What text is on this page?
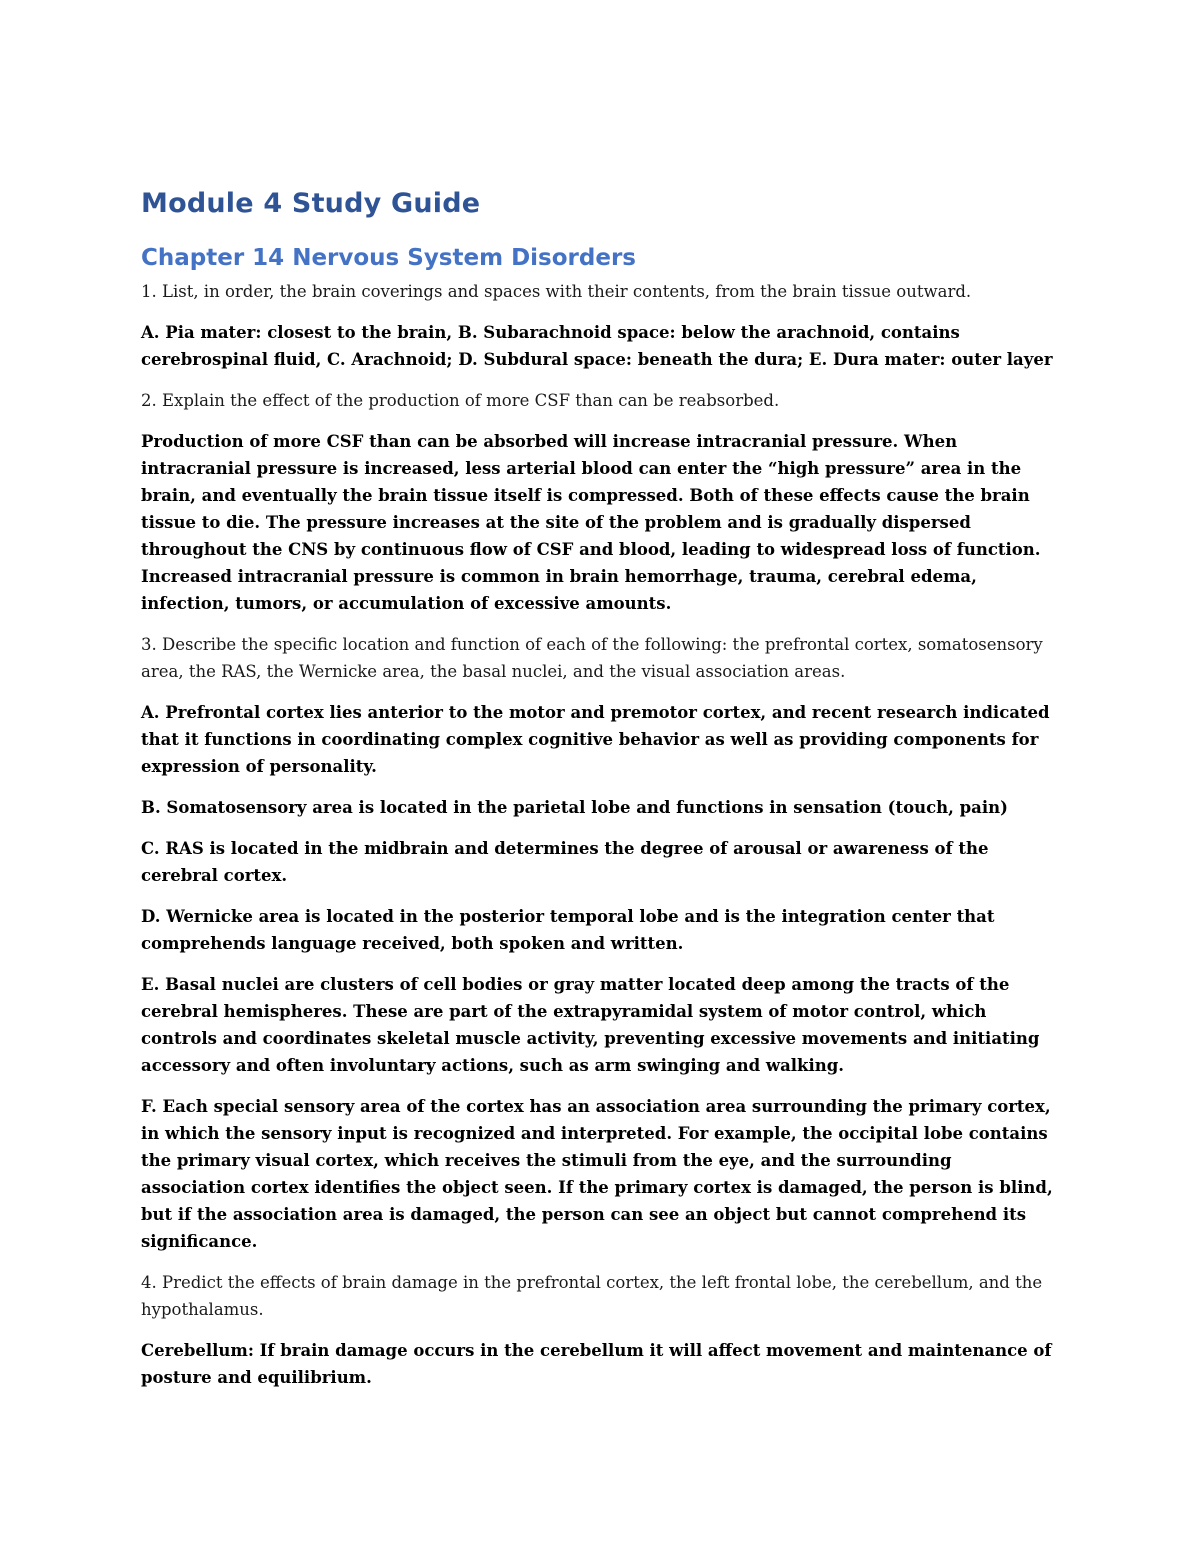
Module 4 Study Guide
Chapter 14 Nervous System Disorders

1. List, in order, the brain coverings and spaces with their contents, from the brain tissue outward.

A. Pia mater: closest to the brain, B. Subarachnoid space: below the arachnoid, contains cerebrospinal fluid, C. Arachnoid; D. Subdural space: beneath the dura; E. Dura mater: outer layer

2. Explain the effect of the production of more CSF than can be reabsorbed.

Production of more CSF than can be absorbed will increase intracranial pressure. When intracranial pressure is increased, less arterial blood can enter the “high pressure” area in the brain, and eventually the brain tissue itself is compressed. Both of these effects cause the brain tissue to die. The pressure increases at the site of the problem and is gradually dispersed throughout the CNS by continuous flow of CSF and blood, leading to widespread loss of function. Increased intracranial pressure is common in brain hemorrhage, trauma, cerebral edema, infection, tumors, or accumulation of excessive amounts.

3. Describe the specific location and function of each of the following: the prefrontal cortex, somatosensory area, the RAS, the Wernicke area, the basal nuclei, and the visual association areas.

A. Prefrontal cortex lies anterior to the motor and premotor cortex, and recent research indicated that it functions in coordinating complex cognitive behavior as well as providing components for expression of personality.

B. Somatosensory area is located in the parietal lobe and functions in sensation (touch, pain)

C. RAS is located in the midbrain and determines the degree of arousal or awareness of the cerebral cortex.

D. Wernicke area is located in the posterior temporal lobe and is the integration center that comprehends language received, both spoken and written.

E. Basal nuclei are clusters of cell bodies or gray matter located deep among the tracts of the cerebral hemispheres. These are part of the extrapyramidal system of motor control, which controls and coordinates skeletal muscle activity, preventing excessive movements and initiating accessory and often involuntary actions, such as arm swinging and walking.

F. Each special sensory area of the cortex has an association area surrounding the primary cortex, in which the sensory input is recognized and interpreted. For example, the occipital lobe contains the primary visual cortex, which receives the stimuli from the eye, and the surrounding association cortex identifies the object seen. If the primary cortex is damaged, the person is blind, but if the association area is damaged, the person can see an object but cannot comprehend its significance.

4. Predict the effects of brain damage in the prefrontal cortex, the left frontal lobe, the cerebellum, and the hypothalamus.

Cerebellum: If brain damage occurs in the cerebellum it will affect movement and maintenance of posture and equilibrium.
